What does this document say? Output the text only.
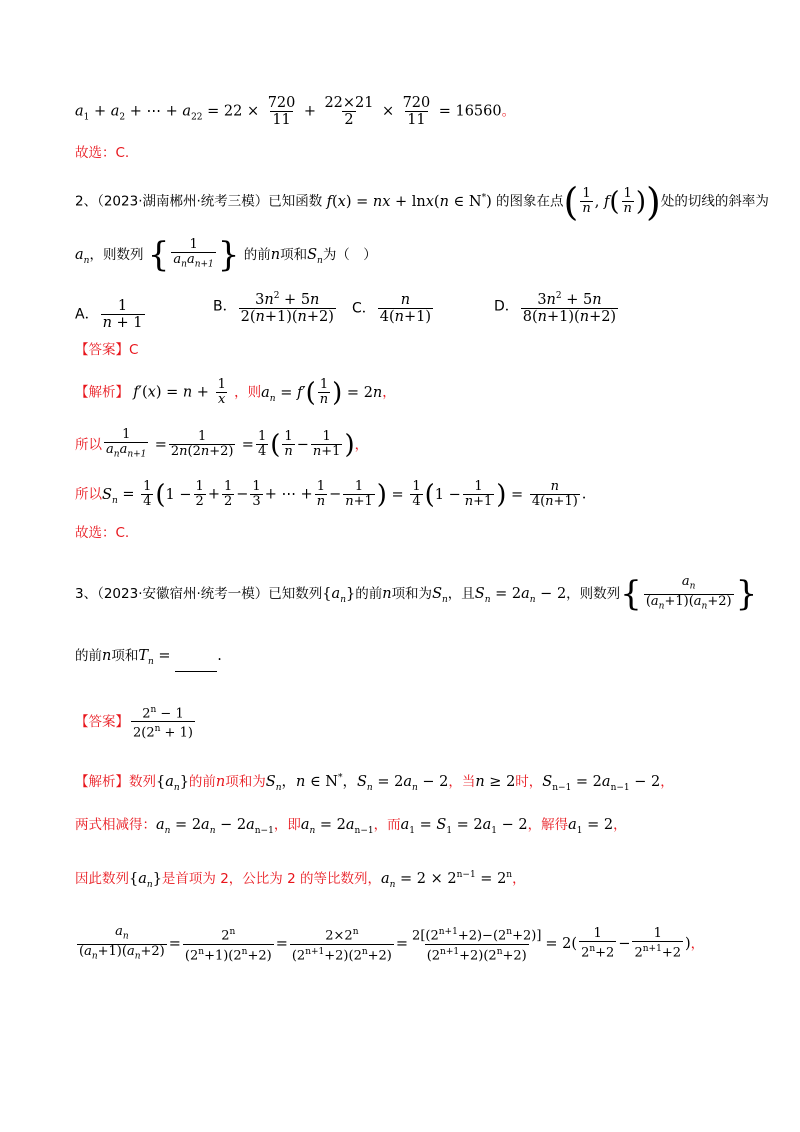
$a_1 + a_2$ + ⋯ + $a_{22} = 22 \times \frac{720}{11} + \frac{22\times 21}{2} \times \frac{720}{11} = 16560$。
故选：C.
2、（2023·湖南郴州·统考三模）已知函数 f(x) = nx + lnx(n ∈ N*) 的图象在点( $\frac{1}{n}$ , $f( \frac{1}{n}$ ))处的切线的斜率为
$a_n$，则数列 { $\frac{1}{a_na_{n+1}}$ } 的前n项和$S_n$为（　）
A． $\frac{1}{n + 1}$	B． $\frac{3n^2 + 5n}{2(n+1)(n+2)}$ C． $\frac{n}{4(n+1)}$	D． $\frac{3n^2 + 5n}{8(n+1)(n+2)}$
【答案】C
【解析】 $f'(x) = n + \frac{1}{x}$ ，则$a_n = f'( \frac{1}{n}$ ) = 2n，
所以 $\frac{1}{a_na_{n+1}} = \frac{1}{2n(2n+2)} = \frac{1}{4}$ ( $\frac{1}{n} - \frac{1}{n+1}$ )，
所以$S_n = \frac{1}{4} (1 - \frac{1}{2} + \frac{1}{2} - \frac{1}{3}$ + ⋯ + $\frac{1}{n} - \frac{1}{n+1}$ ) = $\frac{1}{4} (1 - \frac{1}{n+1}$ ) = $\frac{n}{4(n+1)}$ .
故选：C.
3、（2023·安徽宿州·统考一模）已知数列$\{a_n\}$的前n项和为$S_n$，且$S_n = 2a_n - 2$，则数列{ $\frac{a_n}{(a_n+1)(a_n+2)}$ }
的前n项和$T_n$ =	.
【答案】 $\frac{2^n - 1}{2(2^n + 1)}$
【解析】数列$\{a_n\}$的前n项和为$S_n$，n ∈ N*，$S_n = 2a_n - 2$，当n ≥ 2时，$S_{n-1} = 2a_{n-1} - 2$，
两式相减得：$a_n = 2a_n - 2a_{n-1}$，即$a_n = 2a_{n-1}$，而$a_1 = S_1 = 2a_1 - 2$，解得$a_1 = 2$，
因此数列$\{a_n\}$是首项为 2，公比为 2 的等比数列，$a_n = 2 \times 2^{n-1} = 2^n$，
$\frac{a_n}{(a_n+1)(a_n+2)} = \frac{2^n}{(2^n+1)(2^n+2)} = \frac{2\times 2^n}{(2^{n+1}+2)(2^n+2)} = \frac{2[(2^{n+1}+2)-(2^n+2)]}{(2^{n+1}+2)(2^n+2)} = 2( \frac{1}{2^n+2} - \frac{1}{2^{n+1}+2}$ )，
